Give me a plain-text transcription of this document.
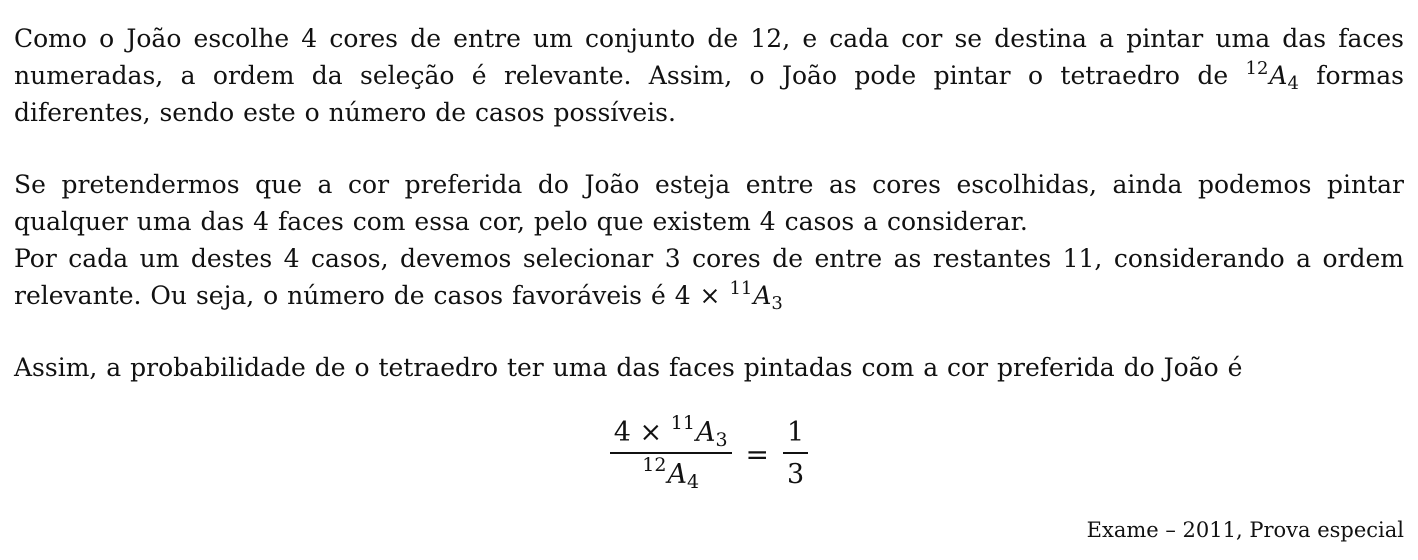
Como o João escolhe 4 cores de entre um conjunto de 12, e cada cor se destina a pintar uma das faces numeradas, a ordem da seleção é relevante. Assim, o João pode pintar o tetraedro de $^{12}A_4$ formas diferentes, sendo este o número de casos possíveis.
Se pretendermos que a cor preferida do João esteja entre as cores escolhidas, ainda podemos pintar qualquer uma das 4 faces com essa cor, pelo que existem 4 casos a considerar.
Por cada um destes 4 casos, devemos selecionar 3 cores de entre as restantes 11, considerando a ordem relevante. Ou seja, o número de casos favoráveis é $4 \times ^{11}A_3$
Assim, a probabilidade de o tetraedro ter uma das faces pintadas com a cor preferida do João é
$\frac{4 \times ^{11}A_3}{^{12}A_4} = \frac{1}{3}$
Exame – 2011, Prova especial
